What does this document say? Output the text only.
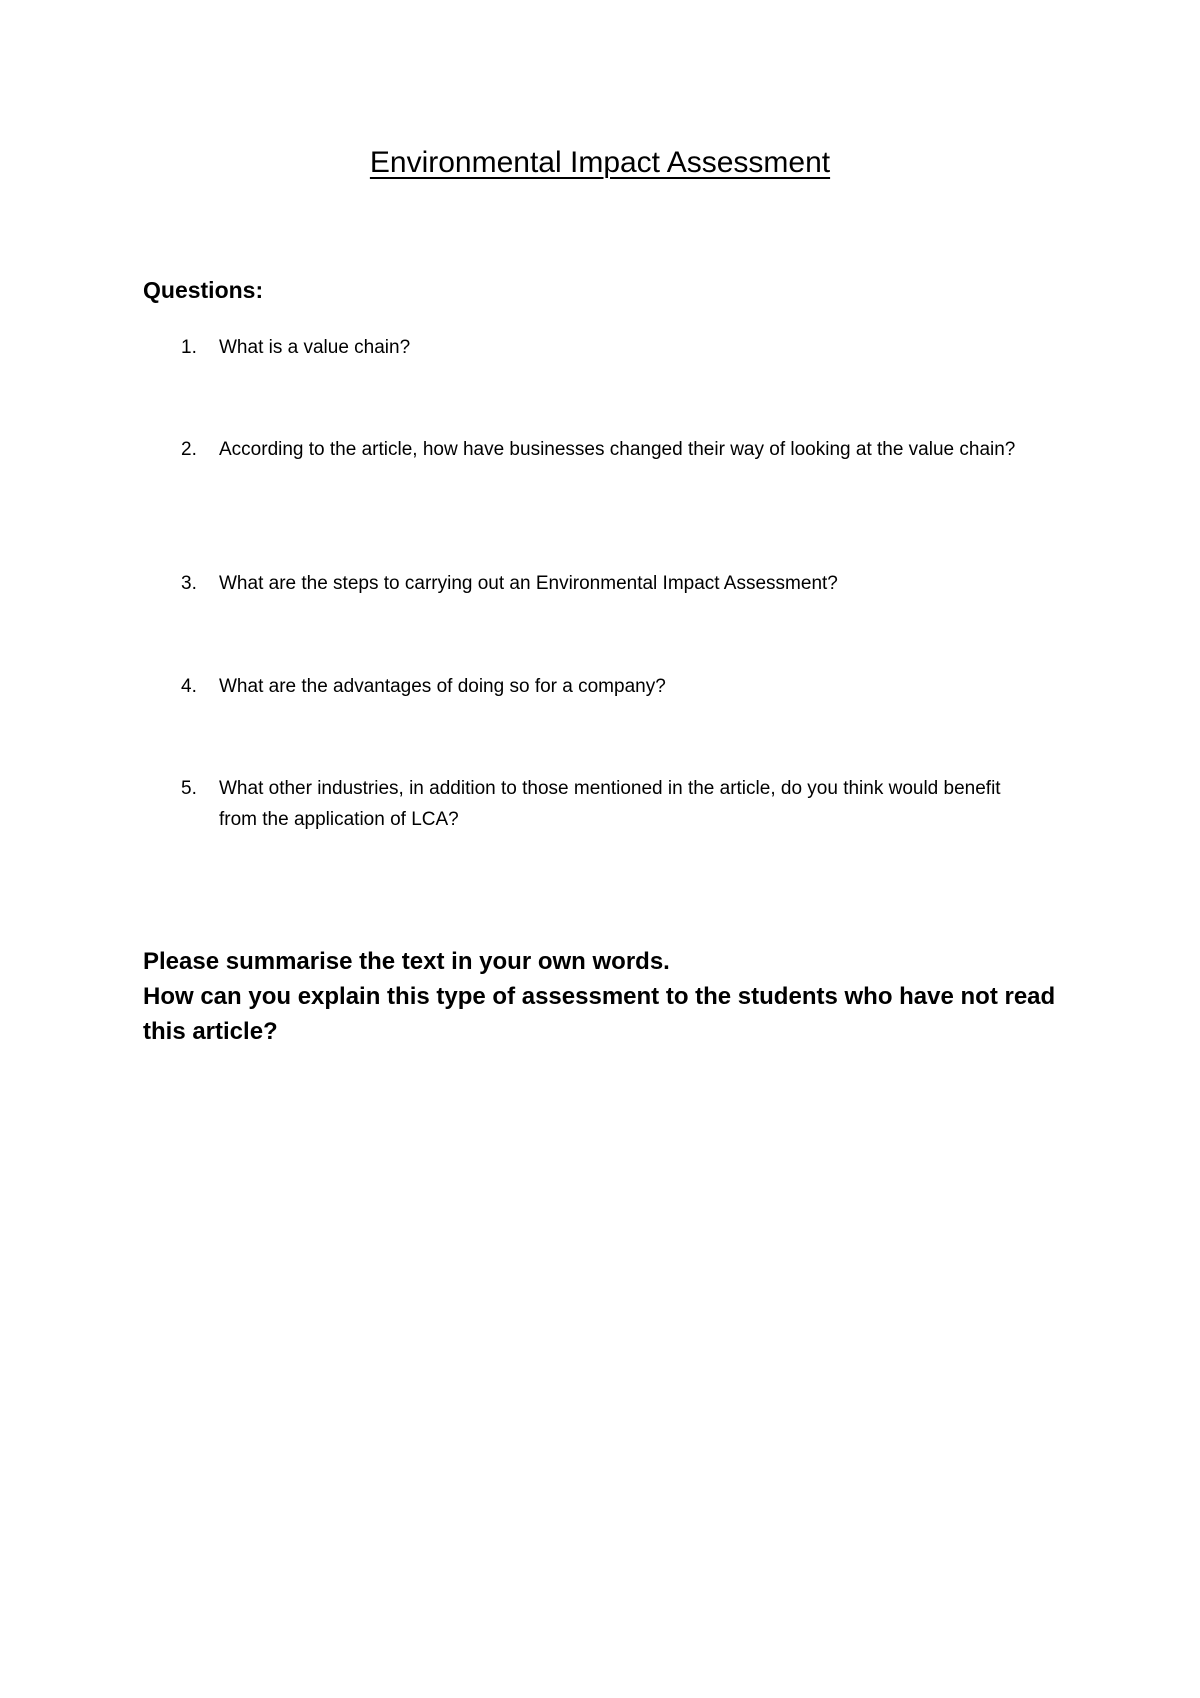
Environmental Impact Assessment
Questions:
1. What is a value chain?
2. According to the article, how have businesses changed their way of looking at the value chain?
3. What are the steps to carrying out an Environmental Impact Assessment?
4. What are the advantages of doing so for a company?
5. What other industries, in addition to those mentioned in the article, do you think would benefit from the application of LCA?

Please summarise the text in your own words.

How can you explain this type of assessment to the students who have not read this article?
